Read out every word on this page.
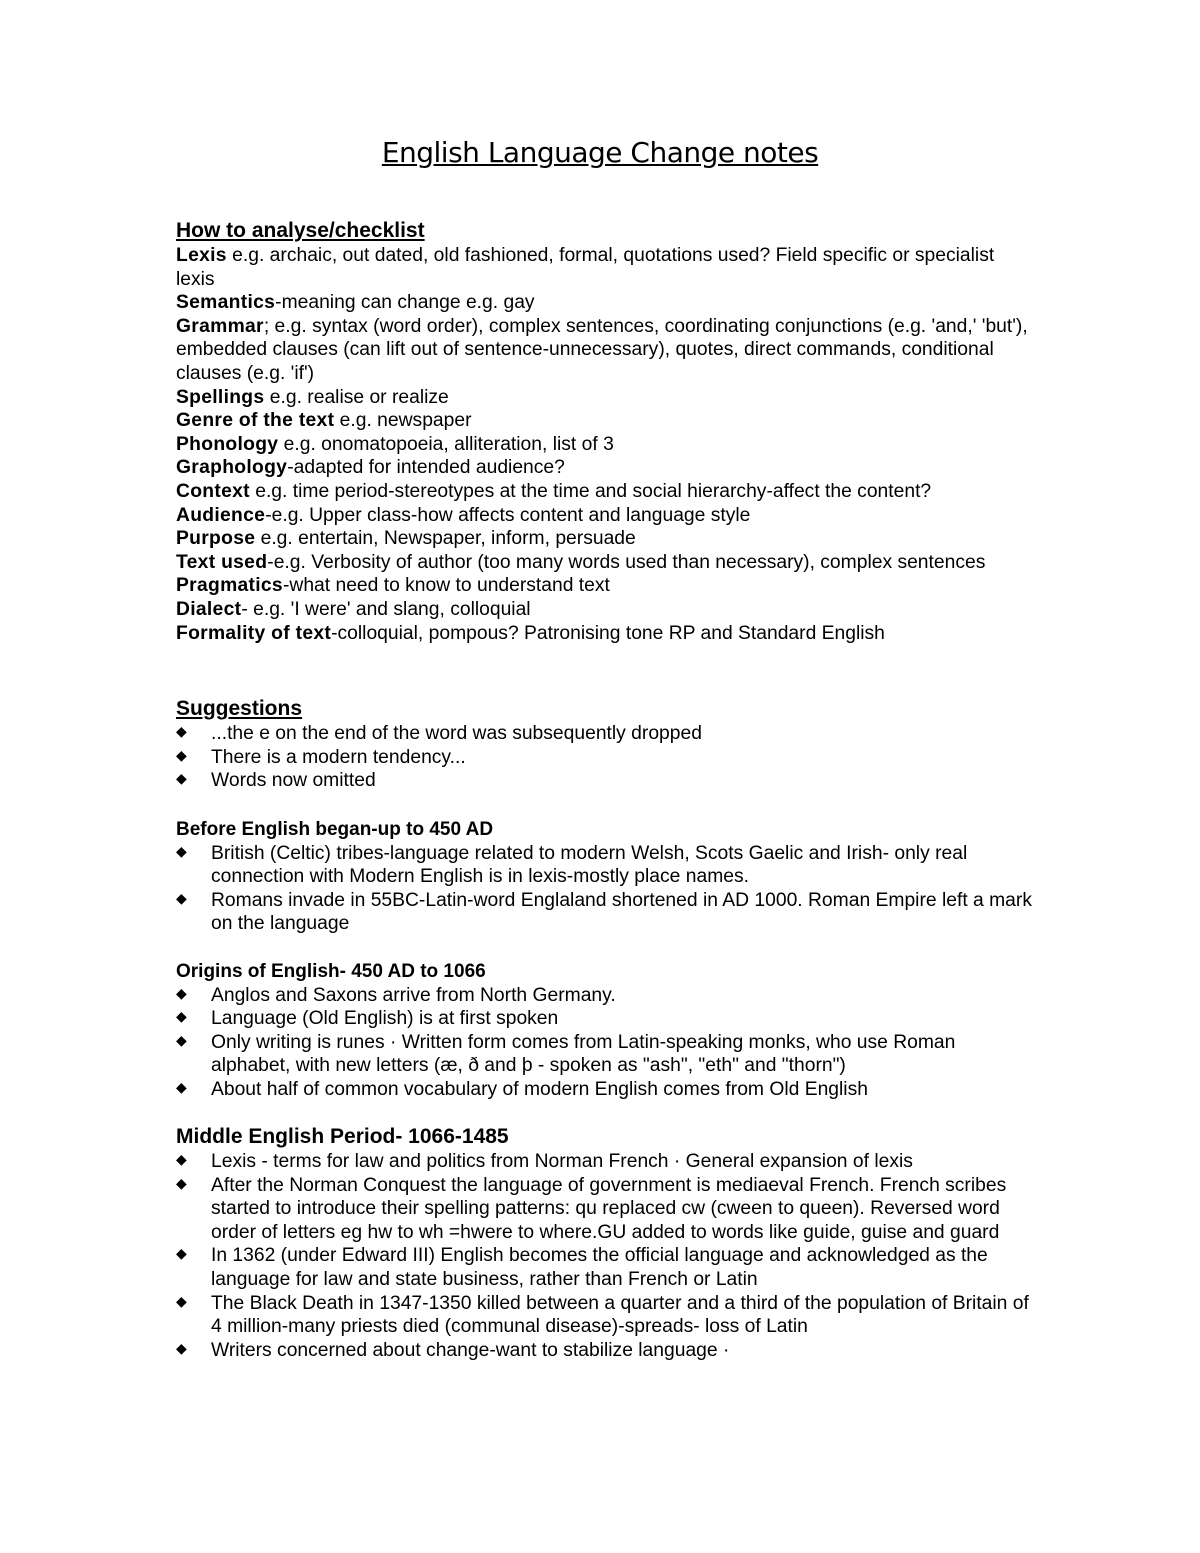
English Language Change notes
How to analyse/checklist
Lexis e.g. archaic, out dated, old fashioned, formal, quotations used? Field specific or specialist lexis
Semantics-meaning can change e.g. gay
Grammar; e.g. syntax (word order), complex sentences, coordinating conjunctions (e.g. 'and,' 'but'), embedded clauses (can lift out of sentence-unnecessary), quotes, direct commands, conditional clauses (e.g. 'if')
Spellings e.g. realise or realize
Genre of the text e.g. newspaper
Phonology e.g. onomatopoeia, alliteration, list of 3
Graphology-adapted for intended audience?
Context e.g. time period-stereotypes at the time and social hierarchy-affect the content?
Audience-e.g. Upper class-how affects content and language style
Purpose e.g. entertain, Newspaper, inform, persuade
Text used-e.g. Verbosity of author (too many words used than necessary), complex sentences
Pragmatics-what need to know to understand text
Dialect- e.g. 'I were' and slang, colloquial
Formality of text-colloquial, pompous? Patronising tone RP and Standard English
Suggestions
◆ ...the e on the end of the word was subsequently dropped
◆ There is a modern tendency...
◆ Words now omitted
Before English began-up to 450 AD
◆ British (Celtic) tribes-language related to modern Welsh, Scots Gaelic and Irish- only real connection with Modern English is in lexis-mostly place names.
◆ Romans invade in 55BC-Latin-word Englaland shortened in AD 1000. Roman Empire left a mark on the language
Origins of English- 450 AD to 1066
◆ Anglos and Saxons arrive from North Germany.
◆ Language (Old English) is at first spoken
◆ Only writing is runes · Written form comes from Latin-speaking monks, who use Roman alphabet, with new letters (æ, ð and þ - spoken as "ash", "eth" and "thorn")
◆ About half of common vocabulary of modern English comes from Old English
Middle English Period- 1066-1485
◆ Lexis - terms for law and politics from Norman French · General expansion of lexis
◆ After the Norman Conquest the language of government is mediaeval French. French scribes started to introduce their spelling patterns: qu replaced cw (cween to queen). Reversed word order of letters eg hw to wh =hwere to where.GU added to words like guide, guise and guard
◆ In 1362 (under Edward III) English becomes the official language and acknowledged as the language for law and state business, rather than French or Latin
◆ The Black Death in 1347-1350 killed between a quarter and a third of the population of Britain of 4 million-many priests died (communal disease)-spreads- loss of Latin
◆ Writers concerned about change-want to stabilize language ·
